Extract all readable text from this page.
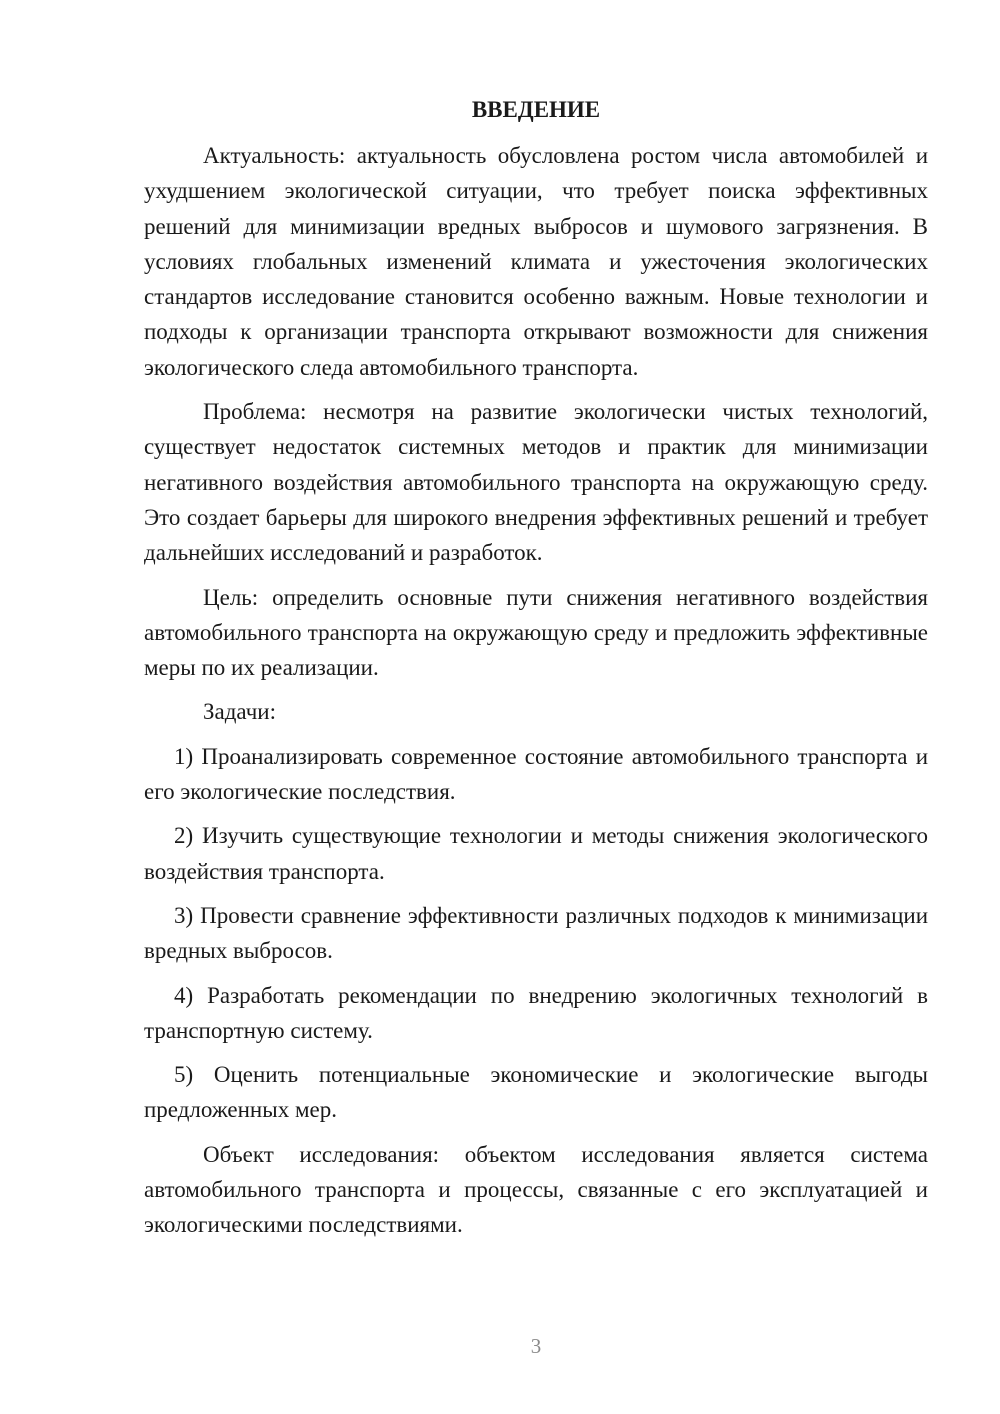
ВВЕДЕНИЕ

Актуальность: актуальность обусловлена ростом числа автомобилей и ухудшением экологической ситуации, что требует поиска эффективных решений для минимизации вредных выбросов и шумового загрязнения. В условиях глобальных изменений климата и ужесточения экологических стандартов исследование становится особенно важным. Новые технологии и подходы к организации транспорта открывают возможности для снижения экологического следа автомобильного транспорта.

Проблема: несмотря на развитие экологически чистых технологий, существует недостаток системных методов и практик для минимизации негативного воздействия автомобильного транспорта на окружающую среду. Это создает барьеры для широкого внедрения эффективных решений и требует дальнейших исследований и разработок.

Цель: определить основные пути снижения негативного воздействия автомобильного транспорта на окружающую среду и предложить эффективные меры по их реализации.

Задачи:

1) Проанализировать современное состояние автомобильного транспорта и его экологические последствия.

2) Изучить существующие технологии и методы снижения экологического воздействия транспорта.

3) Провести сравнение эффективности различных подходов к минимизации вредных выбросов.

4) Разработать рекомендации по внедрению экологичных технологий в транспортную систему.

5) Оценить потенциальные экономические и экологические выгоды предложенных мер.

Объект исследования: объектом исследования является система автомобильного транспорта и процессы, связанные с его эксплуатацией и экологическими последствиями.

3
